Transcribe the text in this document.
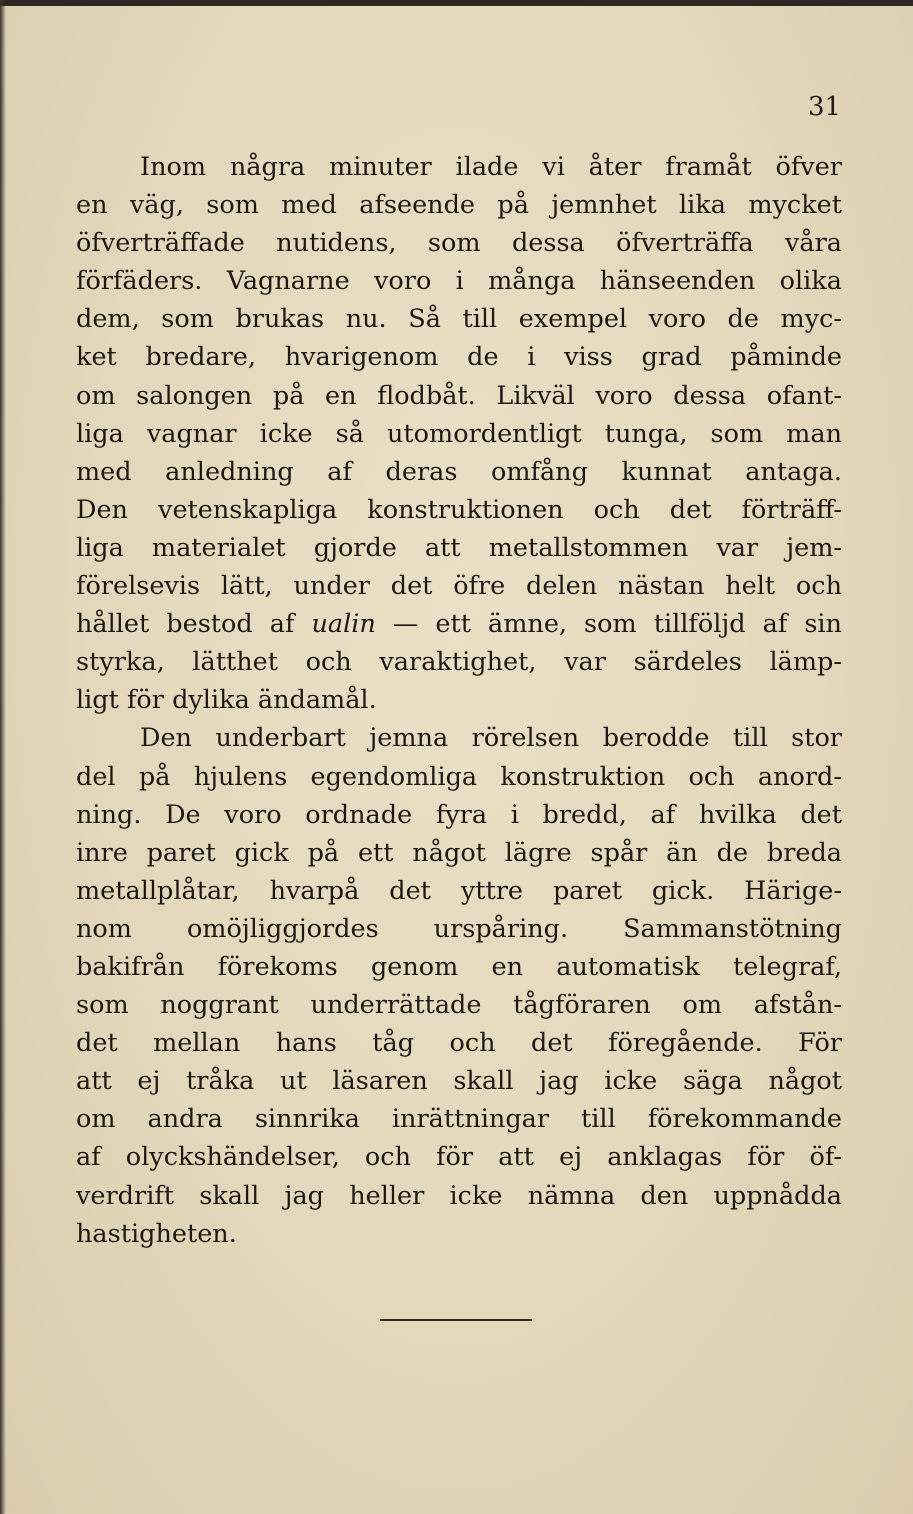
31

Inom några minuter ilade vi åter framåt öfver
en väg, som med afseende på jemnhet lika mycket
öfverträffade nutidens, som dessa öfverträffa våra
förfäders. Vagnarne voro i många hänseenden olika
dem, som brukas nu. Så till exempel voro de myc-
ket bredare, hvarigenom de i viss grad påminde
om salongen på en flodbåt. Likväl voro dessa ofant-
liga vagnar icke så utomordentligt tunga, som man
med anledning af deras omfång kunnat antaga.
Den vetenskapliga konstruktionen och det förträff-
liga materialet gjorde att metallstommen var jem-
förelsevis lätt, under det öfre delen nästan helt och
hållet bestod af ualin — ett ämne, som tillföljd af sin
styrka, lätthet och varaktighet, var särdeles lämp-
ligt för dylika ändamål.
Den underbart jemna rörelsen berodde till stor
del på hjulens egendomliga konstruktion och anord-
ning. De voro ordnade fyra i bredd, af hvilka det
inre paret gick på ett något lägre spår än de breda
metallplåtar, hvarpå det yttre paret gick. Härige-
nom omöjliggjordes urspåring. Sammanstötning
bakifrån förekoms genom en automatisk telegraf,
som noggrant underrättade tågföraren om afstån-
det mellan hans tåg och det föregående. För
att ej tråka ut läsaren skall jag icke säga något
om andra sinnrika inrättningar till förekommande
af olyckshändelser, och för att ej anklagas för öf-
verdrift skall jag heller icke nämna den uppnådda
hastigheten.
